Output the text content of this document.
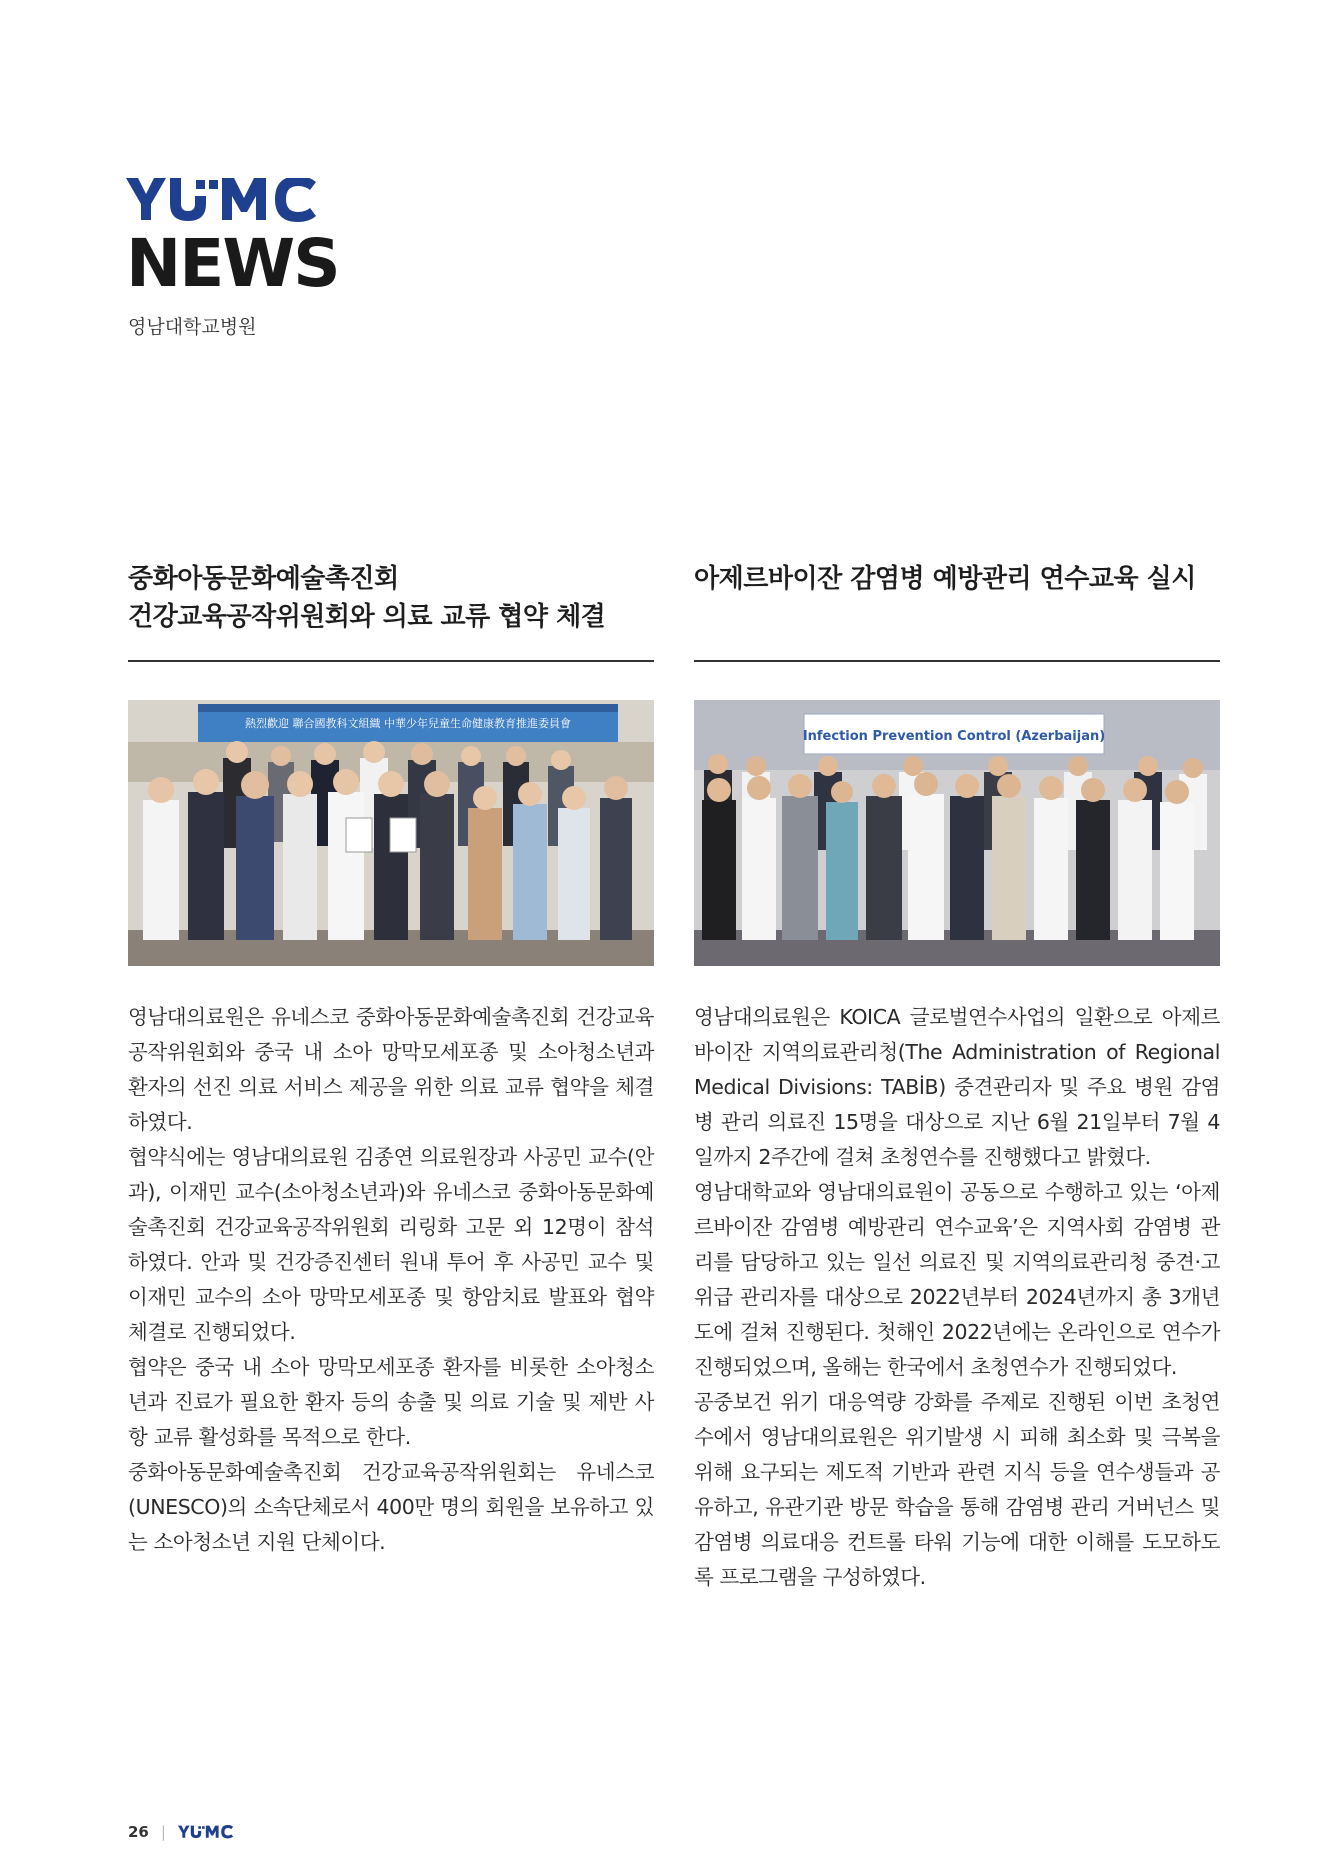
NEWS
영남대학교병원
중화아동문화예술촉진회
건강교육공작위원회와 의료 교류 협약 체결
熱烈歡迎 聯合國教科文組織 中華少年兒童生命健康教育推進委員會

영남대의료원은 유네스코 중화아동문화예술촉진회 건강교육공작위원회와 중국 내 소아 망막모세포종 및 소아청소년과 환자의 선진 의료 서비스 제공을 위한 의료 교류 협약을 체결하였다.

협약식에는 영남대의료원 김종연 의료원장과 사공민 교수(안과), 이재민 교수(소아청소년과)와 유네스코 중화아동문화예술촉진회 건강교육공작위원회 리링화 고문 외 12명이 참석하였다. 안과 및 건강증진센터 원내 투어 후 사공민 교수 및 이재민 교수의 소아 망막모세포종 및 항암치료 발표와 협약 체결로 진행되었다.

협약은 중국 내 소아 망막모세포종 환자를 비롯한 소아청소년과 진료가 필요한 환자 등의 송출 및 의료 기술 및 제반 사항 교류 활성화를 목적으로 한다.

중화아동문화예술촉진회 건강교육공작위원회는 유네스코(UNESCO)의 소속단체로서 400만 명의 회원을 보유하고 있는 소아청소년 지원 단체이다.

아제르바이잔 감염병 예방관리 연수교육 실시
Infection Prevention Control (Azerbaijan)

영남대의료원은 KOICA 글로벌연수사업의 일환으로 아제르바이잔 지역의료관리청(The Administration of Regional Medical Divisions: TABİB) 중견관리자 및 주요 병원 감염병 관리 의료진 15명을 대상으로 지난 6월 21일부터 7월 4일까지 2주간에 걸쳐 초청연수를 진행했다고 밝혔다.

영남대학교와 영남대의료원이 공동으로 수행하고 있는 ‘아제르바이잔 감염병 예방관리 연수교육’은 지역사회 감염병 관리를 담당하고 있는 일선 의료진 및 지역의료관리청 중견·고위급 관리자를 대상으로 2022년부터 2024년까지 총 3개년도에 걸쳐 진행된다. 첫해인 2022년에는 온라인으로 연수가 진행되었으며, 올해는 한국에서 초청연수가 진행되었다.

공중보건 위기 대응역량 강화를 주제로 진행된 이번 초청연수에서 영남대의료원은 위기발생 시 피해 최소화 및 극복을 위해 요구되는 제도적 기반과 관련 지식 등을 연수생들과 공유하고, 유관기관 방문 학습을 통해 감염병 관리 거버넌스 및 감염병 의료대응 컨트롤 타워 기능에 대한 이해를 도모하도록 프로그램을 구성하였다.

26 |
